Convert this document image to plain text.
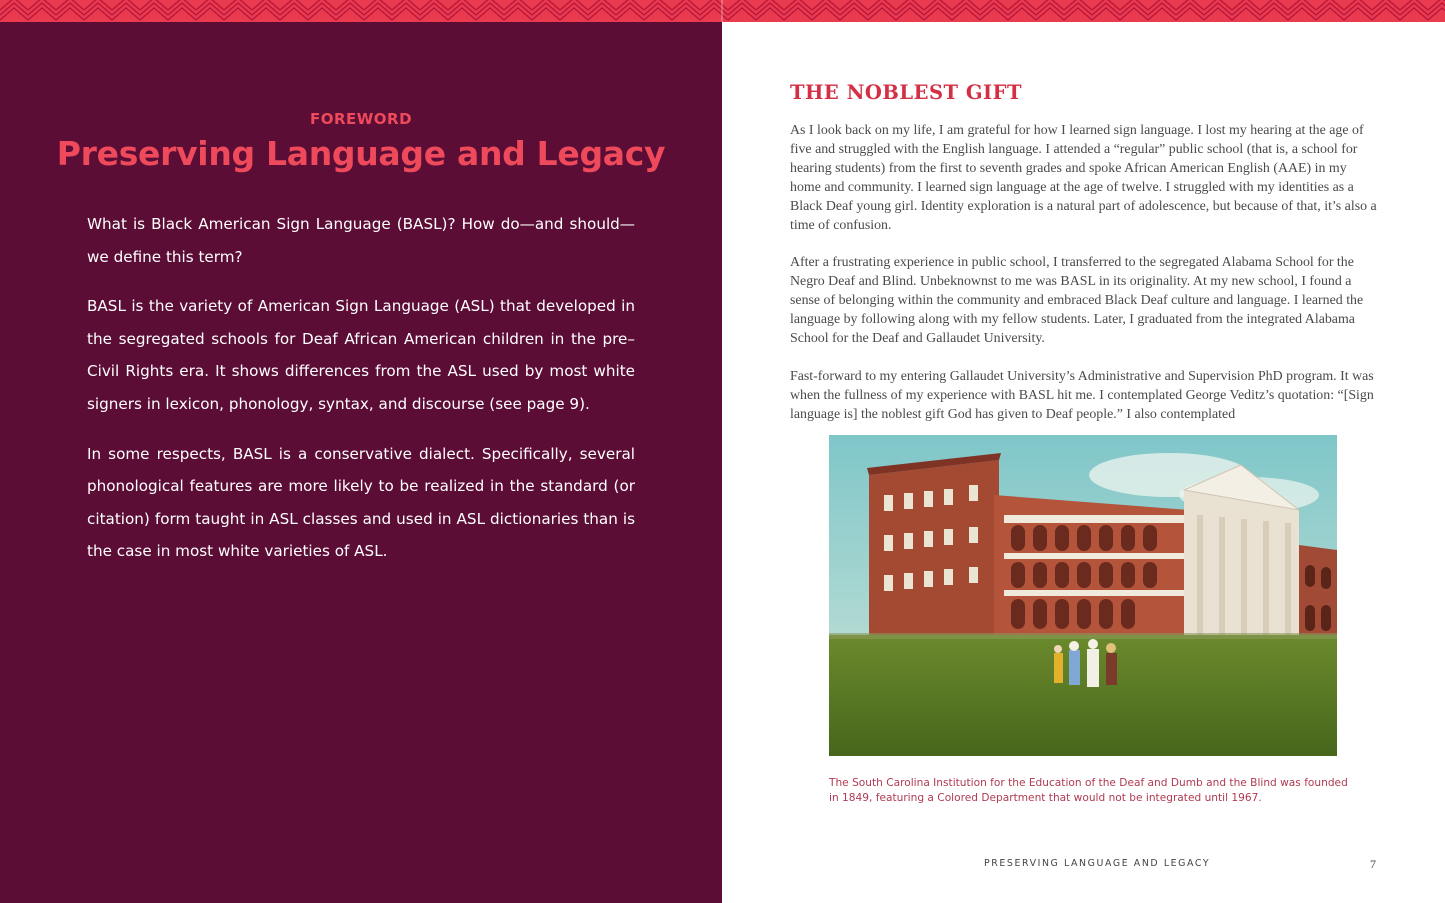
FOREWORD
Preserving Language and Legacy

What is Black American Sign Language (BASL)? How do—and should—we define this term?

BASL is the variety of American Sign Language (ASL) that developed in the segregated schools for Deaf African American children in the pre–Civil Rights era. It shows differences from the ASL used by most white signers in lexicon, phonology, syntax, and discourse (see page 9).

In some respects, BASL is a conservative dialect. Specifically, several phonological features are more likely to be realized in the standard (or citation) form taught in ASL classes and used in ASL dictionaries than is the case in most white varieties of ASL.

THE NOBLEST GIFT

As I look back on my life, I am grateful for how I learned sign language. I lost my hearing at the age of five and struggled with the English language. I attended a “regular” public school (that is, a school for hearing students) from the first to seventh grades and spoke African American English (AAE) in my home and community. I learned sign language at the age of twelve. I struggled with my identities as a Black Deaf young girl. Identity exploration is a natural part of adolescence, but because of that, it’s also a time of confusion.

After a frustrating experience in public school, I transferred to the segregated Alabama School for the Negro Deaf and Blind. Unbeknownst to me was BASL in its originality. At my new school, I found a sense of belonging within the community and embraced Black Deaf culture and language. I learned the language by following along with my fellow students. Later, I graduated from the integrated Alabama School for the Deaf and Gallaudet University.

Fast-forward to my entering Gallaudet University’s Administrative and Supervision PhD program. It was when the fullness of my experience with BASL hit me. I contemplated George Veditz’s quotation: “[Sign language is] the noblest gift God has given to Deaf people.” I also contemplated

The South Carolina Institution for the Education of the Deaf and Dumb and the Blind was founded in 1849, featuring a Colored Department that would not be integrated until 1967.
PRESERVING LANGUAGE AND LEGACY	7
